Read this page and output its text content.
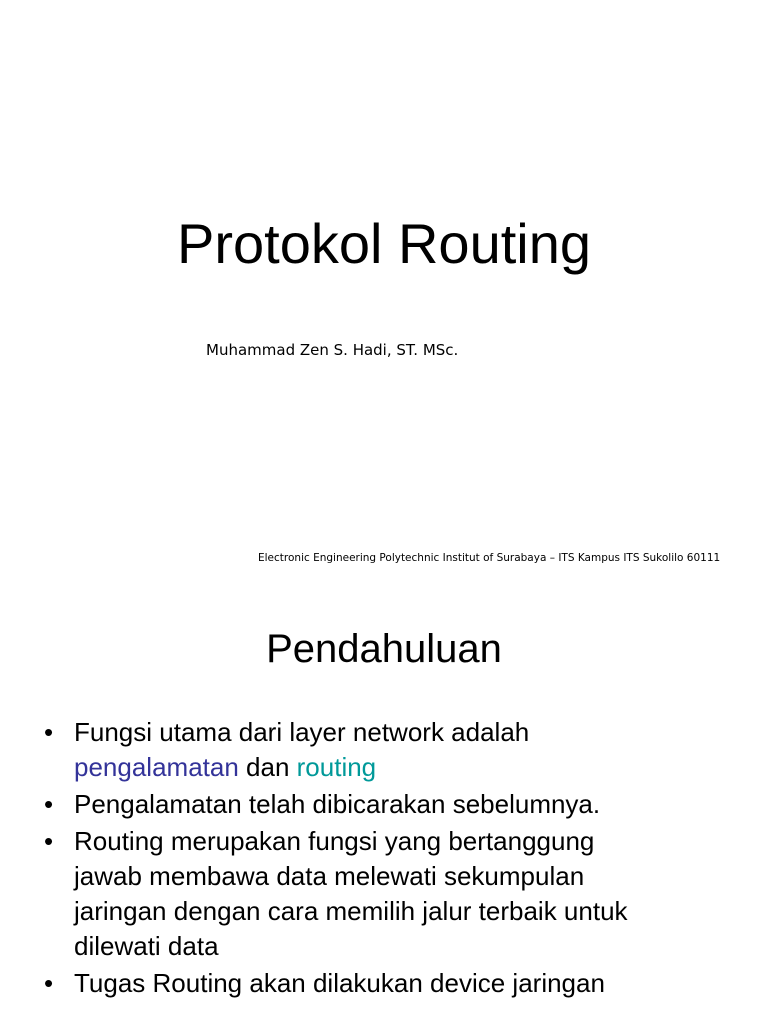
Protokol Routing
Muhammad Zen S. Hadi, ST. MSc.
Electronic Engineering Polytechnic Institut of Surabaya – ITS Kampus ITS Sukolilo 60111
Pendahuluan
• Fungsi utama dari layer network adalah
pengalamatan dan routing
• Pengalamatan telah dibicarakan sebelumnya.
• Routing merupakan fungsi yang bertanggung
jawab membawa data melewati sekumpulan
jaringan dengan cara memilih jalur terbaik untuk
dilewati data
• Tugas Routing akan dilakukan device jaringan
